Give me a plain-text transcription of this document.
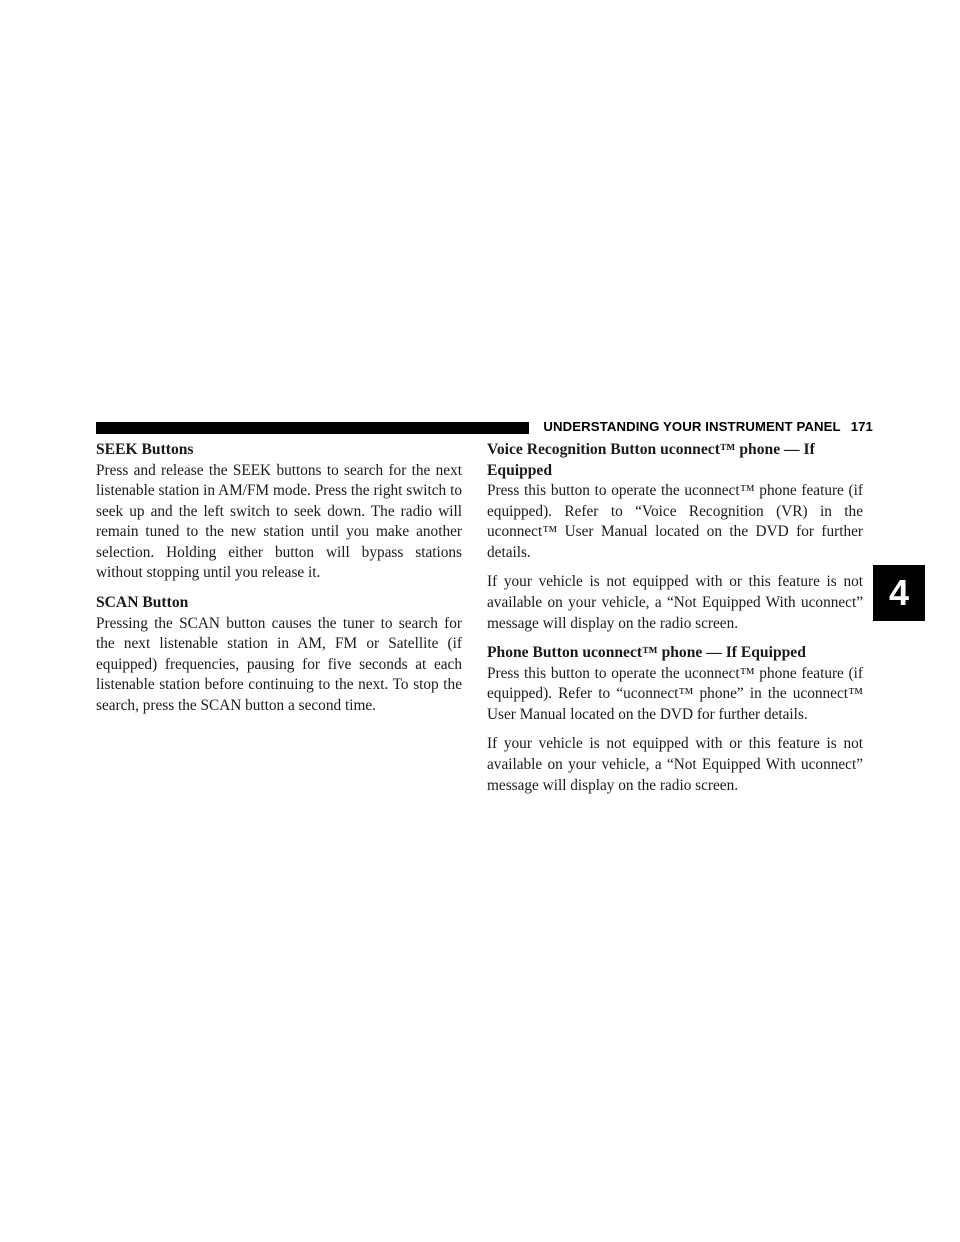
UNDERSTANDING YOUR INSTRUMENT PANEL 171
4
SEEK Buttons

Press and release the SEEK buttons to search for the next listenable station in AM/FM mode. Press the right switch to seek up and the left switch to seek down. The radio will remain tuned to the new station until you make another selection. Holding either button will bypass stations without stopping until you release it.

SCAN Button

Pressing the SCAN button causes the tuner to search for the next listenable station in AM, FM or Satellite (if equipped) frequencies, pausing for five seconds at each listenable station before continuing to the next. To stop the search, press the SCAN button a second time.

Voice Recognition Button uconnect™ phone — If Equipped

Press this button to operate the uconnect™ phone feature (if equipped). Refer to “Voice Recognition (VR) in the uconnect™ User Manual located on the DVD for further details.

If your vehicle is not equipped with or this feature is not available on your vehicle, a “Not Equipped With uconnect” message will display on the radio screen.

Phone Button uconnect™ phone — If Equipped

Press this button to operate the uconnect™ phone feature (if equipped). Refer to “uconnect™ phone” in the uconnect™ User Manual located on the DVD for further details.

If your vehicle is not equipped with or this feature is not available on your vehicle, a “Not Equipped With uconnect” message will display on the radio screen.
